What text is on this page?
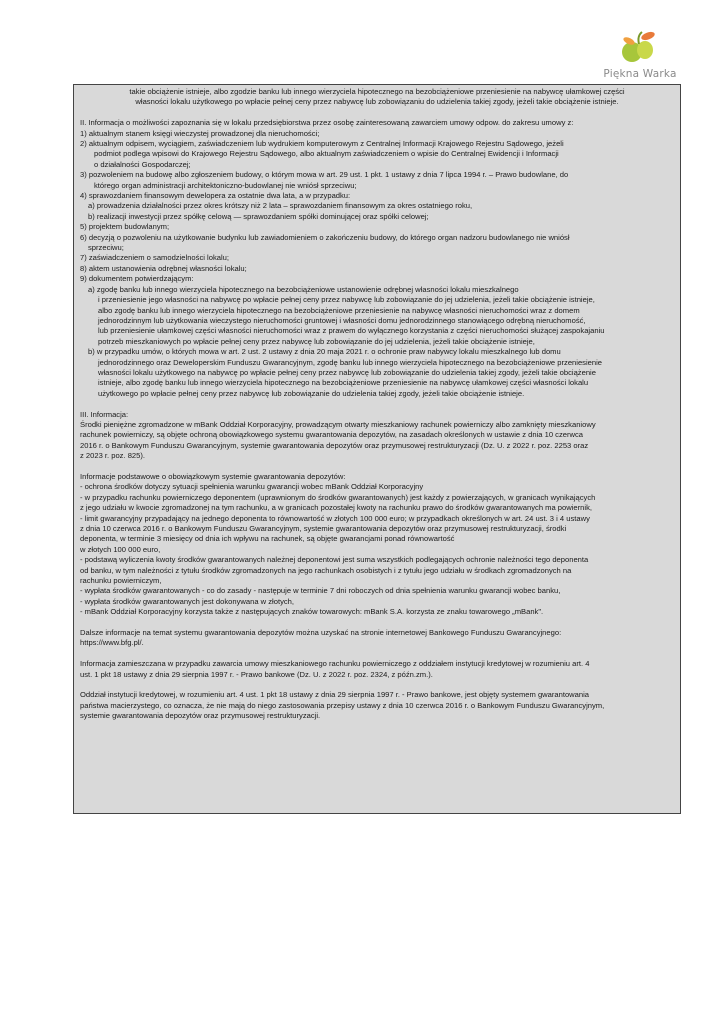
Piękna Warka

takie obciążenie istnieje, albo zgodzie banku lub innego wierzyciela hipotecznego na bezobciążeniowe przeniesienie na nabywcę ułamkowej części

własności lokalu użytkowego po wpłacie pełnej ceny przez nabywcę lub zobowiązaniu do udzielenia takiej zgody, jeżeli takie obciążenie istnieje.

II. Informacja o możliwości zapoznania się w lokalu przedsiębiorstwa przez osobę zainteresowaną zawarciem umowy odpow. do zakresu umowy z:

1) aktualnym stanem księgi wieczystej prowadzonej dla nieruchomości;

2) aktualnym odpisem, wyciągiem, zaświadczeniem lub wydrukiem komputerowym z Centralnej Informacji Krajowego Rejestru Sądowego, jeżeli

podmiot podlega wpisowi do Krajowego Rejestru Sądowego, albo aktualnym zaświadczeniem o wpisie do Centralnej Ewidencji i Informacji

o działalności Gospodarczej;

3) pozwoleniem na budowę albo zgłoszeniem budowy, o którym mowa w art. 29 ust. 1 pkt. 1 ustawy z dnia 7 lipca 1994 r. – Prawo budowlane, do

którego organ administracji architektoniczno-budowlanej nie wniósł sprzeciwu;

4) sprawozdaniem finansowym dewelopera za ostatnie dwa lata, a w przypadku:

a) prowadzenia działalności przez okres krótszy niż 2 lata – sprawozdaniem finansowym za okres ostatniego roku,

b) realizacji inwestycji przez spółkę celową — sprawozdaniem spółki dominującej oraz spółki celowej;

5) projektem budowlanym;

6) decyzją o pozwoleniu na użytkowanie budynku lub zawiadomieniem o zakończeniu budowy, do którego organ nadzoru budowlanego nie wniósł

sprzeciwu;

7) zaświadczeniem o samodzielności lokalu;

8) aktem ustanowienia odrębnej własności lokalu;

9) dokumentem potwierdzającym:

a) zgodę banku lub innego wierzyciela hipotecznego na bezobciążeniowe ustanowienie odrębnej własności lokalu mieszkalnego

i przeniesienie jego własności na nabywcę po wpłacie pełnej ceny przez nabywcę lub zobowiązanie do jej udzielenia, jeżeli takie obciążenie istnieje,

albo zgodę banku lub innego wierzyciela hipotecznego na bezobciążeniowe przeniesienie na nabywcę własności nieruchomości wraz z domem

jednorodzinnym lub użytkowania wieczystego nieruchomości gruntowej i własności domu jednorodzinnego stanowiącego odrębną nieruchomość,

lub przeniesienie ułamkowej części własności nieruchomości wraz z prawem do wyłącznego korzystania z części nieruchomości służącej zaspokajaniu

potrzeb mieszkaniowych po wpłacie pełnej ceny przez nabywcę lub zobowiązanie do jej udzielenia, jeżeli takie obciążenie istnieje,

b) w przypadku umów, o których mowa w art. 2 ust. 2 ustawy z dnia 20 maja 2021 r. o ochronie praw nabywcy lokalu mieszkalnego lub domu

jednorodzinnego oraz Deweloperskim Funduszu Gwarancyjnym, zgodę banku lub innego wierzyciela hipotecznego na bezobciążeniowe przeniesienie

własności lokalu użytkowego na nabywcę po wpłacie pełnej ceny przez nabywcę lub zobowiązanie do udzielenia takiej zgody, jeżeli takie obciążenie

istnieje, albo zgodę banku lub innego wierzyciela hipotecznego na bezobciążeniowe przeniesienie na nabywcę ułamkowej części własności lokalu

użytkowego po wpłacie pełnej ceny przez nabywcę lub zobowiązanie do udzielenia takiej zgody, jeżeli takie obciążenie istnieje.

III. Informacja:

Środki pieniężne zgromadzone w mBank Oddział Korporacyjny, prowadzącym otwarty mieszkaniowy rachunek powierniczy albo zamknięty mieszkaniowy

rachunek powierniczy, są objęte ochroną obowiązkowego systemu gwarantowania depozytów, na zasadach określonych w ustawie z dnia 10 czerwca

2016 r. o Bankowym Funduszu Gwarancyjnym, systemie gwarantowania depozytów oraz przymusowej restrukturyzacji (Dz. U. z 2022 r. poz. 2253 oraz

z 2023 r. poz. 825).

Informacje podstawowe o obowiązkowym systemie gwarantowania depozytów:

- ochrona środków dotyczy sytuacji spełnienia warunku gwarancji wobec mBank Oddział Korporacyjny

- w przypadku rachunku powierniczego deponentem (uprawnionym do środków gwarantowanych) jest każdy z powierzających, w granicach wynikających

z jego udziału w kwocie zgromadzonej na tym rachunku, a w granicach pozostałej kwoty na rachunku prawo do środków gwarantowanych ma powiernik,

- limit gwarancyjny przypadający na jednego deponenta to równowartość w złotych 100 000 euro; w przypadkach określonych w art. 24 ust. 3 i 4 ustawy

z dnia 10 czerwca 2016 r. o Bankowym Funduszu Gwarancyjnym, systemie gwarantowania depozytów oraz przymusowej restrukturyzacji, środki

deponenta, w terminie 3 miesięcy od dnia ich wpływu na rachunek, są objęte gwarancjami ponad równowartość

w złotych 100 000 euro,

- podstawą wyliczenia kwoty środków gwarantowanych należnej deponentowi jest suma wszystkich podlegających ochronie należności tego deponenta

od banku, w tym należności z tytułu środków zgromadzonych na jego rachunkach osobistych i z tytułu jego udziału w środkach zgromadzonych na

rachunku powierniczym,

- wypłata środków gwarantowanych - co do zasady - następuje w terminie 7 dni roboczych od dnia spełnienia warunku gwarancji wobec banku,

- wypłata środków gwarantowanych jest dokonywana w złotych,

- mBank Oddział Korporacyjny korzysta także z następujących znaków towarowych: mBank S.A. korzysta ze znaku towarowego „mBank".

Dalsze informacje na temat systemu gwarantowania depozytów można uzyskać na stronie internetowej Bankowego Funduszu Gwarancyjnego:

https://www.bfg.pl/.

Informacja zamieszczana w przypadku zawarcia umowy mieszkaniowego rachunku powierniczego z oddziałem instytucji kredytowej w rozumieniu art. 4

ust. 1 pkt 18 ustawy z dnia 29 sierpnia 1997 r. - Prawo bankowe (Dz. U. z 2022 r. poz. 2324, z późn.zm.).

Oddział instytucji kredytowej, w rozumieniu art. 4 ust. 1 pkt 18 ustawy z dnia 29 sierpnia 1997 r. - Prawo bankowe, jest objęty systemem gwarantowania

państwa macierzystego, co oznacza, że nie mają do niego zastosowania przepisy ustawy z dnia 10 czerwca 2016 r. o Bankowym Funduszu Gwarancyjnym,

systemie gwarantowania depozytów oraz przymusowej restrukturyzacji.
